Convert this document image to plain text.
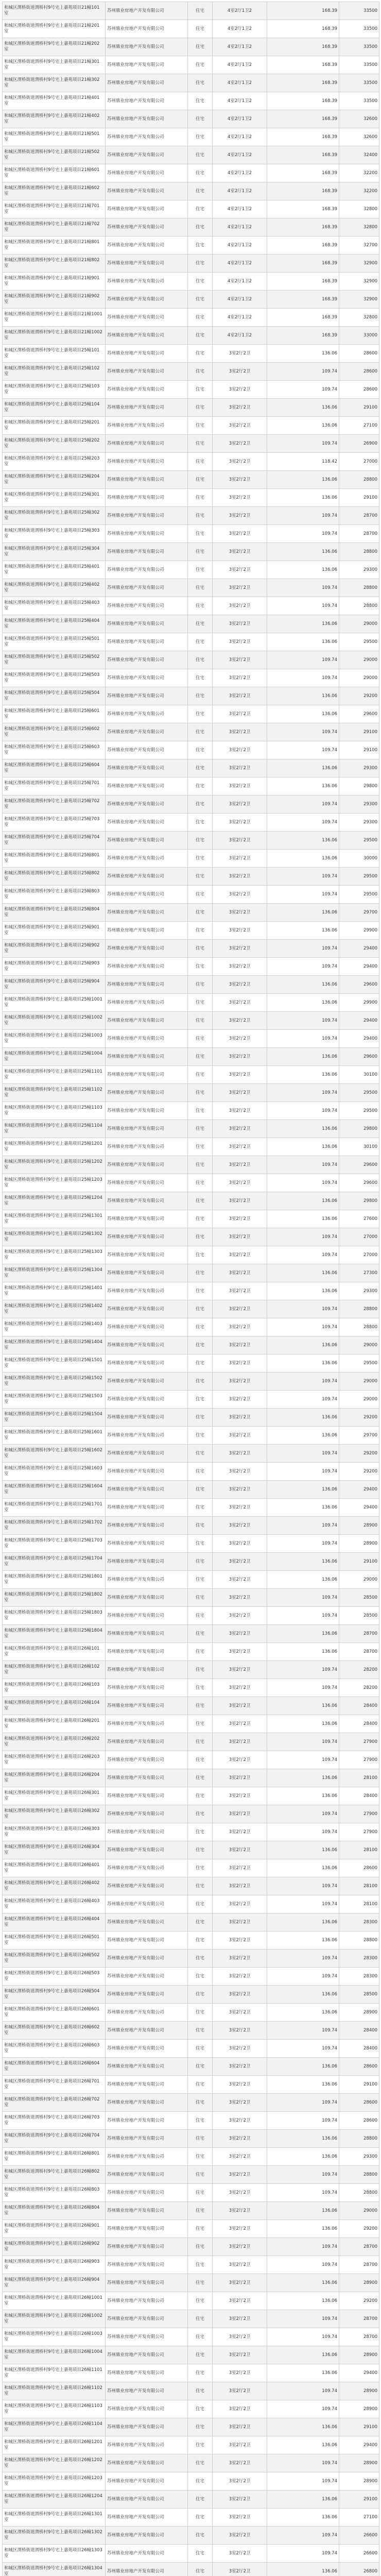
和城区渭桥街道渭桥村9号宅上嘉苑项目21幢101室	苏州鼎业房地产开发有限公司	住宅	4室2厅1卫2	168.39	33500
和城区渭桥街道渭桥村9号宅上嘉苑项目21幢201室	苏州鼎业房地产开发有限公司	住宅	4室2厅1卫2	168.39	33500
和城区渭桥街道渭桥村9号宅上嘉苑项目21幢202室	苏州鼎业房地产开发有限公司	住宅	4室2厅1卫2	168.39	33500
和城区渭桥街道渭桥村9号宅上嘉苑项目21幢301室	苏州鼎业房地产开发有限公司	住宅	4室2厅1卫2	168.39	33500
和城区渭桥街道渭桥村9号宅上嘉苑项目21幢302室	苏州鼎业房地产开发有限公司	住宅	4室2厅1卫2	168.39	33500
和城区渭桥街道渭桥村9号宅上嘉苑项目21幢401室	苏州鼎业房地产开发有限公司	住宅	4室2厅1卫2	168.39	33500
和城区渭桥街道渭桥村9号宅上嘉苑项目21幢402室	苏州鼎业房地产开发有限公司	住宅	4室2厅1卫2	168.39	32600
和城区渭桥街道渭桥村9号宅上嘉苑项目21幢501室	苏州鼎业房地产开发有限公司	住宅	4室2厅1卫2	168.39	32600
和城区渭桥街道渭桥村9号宅上嘉苑项目21幢502室	苏州鼎业房地产开发有限公司	住宅	4室2厅1卫2	168.39	32400
和城区渭桥街道渭桥村9号宅上嘉苑项目21幢601室	苏州鼎业房地产开发有限公司	住宅	4室2厅1卫2	168.39	32200
和城区渭桥街道渭桥村9号宅上嘉苑项目21幢602室	苏州鼎业房地产开发有限公司	住宅	4室2厅1卫2	168.39	32200
和城区渭桥街道渭桥村9号宅上嘉苑项目21幢701室	苏州鼎业房地产开发有限公司	住宅	4室2厅1卫2	168.39	32800
和城区渭桥街道渭桥村9号宅上嘉苑项目21幢702室	苏州鼎业房地产开发有限公司	住宅	4室2厅1卫2	168.39	32800
和城区渭桥街道渭桥村9号宅上嘉苑项目21幢801室	苏州鼎业房地产开发有限公司	住宅	4室2厅1卫2	168.39	32700
和城区渭桥街道渭桥村9号宅上嘉苑项目21幢802室	苏州鼎业房地产开发有限公司	住宅	4室2厅1卫2	168.39	32900
和城区渭桥街道渭桥村9号宅上嘉苑项目21幢901室	苏州鼎业房地产开发有限公司	住宅	4室2厅1卫2	168.39	32900
和城区渭桥街道渭桥村9号宅上嘉苑项目21幢902室	苏州鼎业房地产开发有限公司	住宅	4室2厅1卫2	168.39	32900
和城区渭桥街道渭桥村9号宅上嘉苑项目21幢1001室	苏州鼎业房地产开发有限公司	住宅	4室2厅1卫2	168.39	32800
和城区渭桥街道渭桥村9号宅上嘉苑项目21幢1002室	苏州鼎业房地产开发有限公司	住宅	4室2厅1卫2	168.39	33000
和城区渭桥街道渭桥村9号宅上嘉苑项目25幢101室	苏州鼎业房地产开发有限公司	住宅	3室2厅2卫	136.06	28600
和城区渭桥街道渭桥村9号宅上嘉苑项目25幢102室	苏州鼎业房地产开发有限公司	住宅	3室2厅2卫	109.74	28600
和城区渭桥街道渭桥村9号宅上嘉苑项目25幢103室	苏州鼎业房地产开发有限公司	住宅	3室2厅2卫	109.74	28600
和城区渭桥街道渭桥村9号宅上嘉苑项目25幢104室	苏州鼎业房地产开发有限公司	住宅	3室2厅2卫	136.06	29100
和城区渭桥街道渭桥村9号宅上嘉苑项目25幢201室	苏州鼎业房地产开发有限公司	住宅	3室2厅2卫	136.06	27100
和城区渭桥街道渭桥村9号宅上嘉苑项目25幢202室	苏州鼎业房地产开发有限公司	住宅	3室2厅2卫	109.74	26900
和城区渭桥街道渭桥村9号宅上嘉苑项目25幢203室	苏州鼎业房地产开发有限公司	住宅	3室2厅2卫	118.42	27000
和城区渭桥街道渭桥村9号宅上嘉苑项目25幢204室	苏州鼎业房地产开发有限公司	住宅	3室2厅2卫	136.06	28800
和城区渭桥街道渭桥村9号宅上嘉苑项目25幢301室	苏州鼎业房地产开发有限公司	住宅	3室2厅2卫	136.06	29100
和城区渭桥街道渭桥村9号宅上嘉苑项目25幢302室	苏州鼎业房地产开发有限公司	住宅	3室2厅2卫	109.74	28700
和城区渭桥街道渭桥村9号宅上嘉苑项目25幢303室	苏州鼎业房地产开发有限公司	住宅	3室2厅2卫	109.74	28700
和城区渭桥街道渭桥村9号宅上嘉苑项目25幢304室	苏州鼎业房地产开发有限公司	住宅	3室2厅2卫	136.06	28800
和城区渭桥街道渭桥村9号宅上嘉苑项目25幢401室	苏州鼎业房地产开发有限公司	住宅	3室2厅2卫	136.06	29300
和城区渭桥街道渭桥村9号宅上嘉苑项目25幢402室	苏州鼎业房地产开发有限公司	住宅	3室2厅2卫	109.74	28800
和城区渭桥街道渭桥村9号宅上嘉苑项目25幢403室	苏州鼎业房地产开发有限公司	住宅	3室2厅2卫	109.74	28800
和城区渭桥街道渭桥村9号宅上嘉苑项目25幢404室	苏州鼎业房地产开发有限公司	住宅	3室2厅2卫	136.06	29000
和城区渭桥街道渭桥村9号宅上嘉苑项目25幢501室	苏州鼎业房地产开发有限公司	住宅	3室2厅2卫	136.06	29500
和城区渭桥街道渭桥村9号宅上嘉苑项目25幢502室	苏州鼎业房地产开发有限公司	住宅	3室2厅2卫	109.74	29000
和城区渭桥街道渭桥村9号宅上嘉苑项目25幢503室	苏州鼎业房地产开发有限公司	住宅	3室2厅2卫	109.74	29000
和城区渭桥街道渭桥村9号宅上嘉苑项目25幢504室	苏州鼎业房地产开发有限公司	住宅	3室2厅2卫	136.06	29200
和城区渭桥街道渭桥村9号宅上嘉苑项目25幢601室	苏州鼎业房地产开发有限公司	住宅	3室2厅2卫	136.06	29600
和城区渭桥街道渭桥村9号宅上嘉苑项目25幢602室	苏州鼎业房地产开发有限公司	住宅	3室2厅2卫	109.74	29100
和城区渭桥街道渭桥村9号宅上嘉苑项目25幢603室	苏州鼎业房地产开发有限公司	住宅	3室2厅2卫	109.74	29100
和城区渭桥街道渭桥村9号宅上嘉苑项目25幢604室	苏州鼎业房地产开发有限公司	住宅	3室2厅2卫	136.06	29300
和城区渭桥街道渭桥村9号宅上嘉苑项目25幢701室	苏州鼎业房地产开发有限公司	住宅	3室2厅2卫	136.06	29800
和城区渭桥街道渭桥村9号宅上嘉苑项目25幢702室	苏州鼎业房地产开发有限公司	住宅	3室2厅2卫	109.74	29300
和城区渭桥街道渭桥村9号宅上嘉苑项目25幢703室	苏州鼎业房地产开发有限公司	住宅	3室2厅2卫	109.74	29300
和城区渭桥街道渭桥村9号宅上嘉苑项目25幢704室	苏州鼎业房地产开发有限公司	住宅	3室2厅2卫	136.06	29500
和城区渭桥街道渭桥村9号宅上嘉苑项目25幢801室	苏州鼎业房地产开发有限公司	住宅	3室2厅2卫	136.06	30000
和城区渭桥街道渭桥村9号宅上嘉苑项目25幢802室	苏州鼎业房地产开发有限公司	住宅	3室2厅2卫	109.74	29500
和城区渭桥街道渭桥村9号宅上嘉苑项目25幢803室	苏州鼎业房地产开发有限公司	住宅	3室2厅2卫	109.74	29500
和城区渭桥街道渭桥村9号宅上嘉苑项目25幢804室	苏州鼎业房地产开发有限公司	住宅	3室2厅2卫	136.06	29700
和城区渭桥街道渭桥村9号宅上嘉苑项目25幢901室	苏州鼎业房地产开发有限公司	住宅	3室2厅2卫	136.06	29900
和城区渭桥街道渭桥村9号宅上嘉苑项目25幢902室	苏州鼎业房地产开发有限公司	住宅	3室2厅2卫	109.74	29400
和城区渭桥街道渭桥村9号宅上嘉苑项目25幢903室	苏州鼎业房地产开发有限公司	住宅	3室2厅2卫	109.74	29400
和城区渭桥街道渭桥村9号宅上嘉苑项目25幢904室	苏州鼎业房地产开发有限公司	住宅	3室2厅2卫	136.06	29600
和城区渭桥街道渭桥村9号宅上嘉苑项目25幢1001室	苏州鼎业房地产开发有限公司	住宅	3室2厅2卫	136.06	29900
和城区渭桥街道渭桥村9号宅上嘉苑项目25幢1002室	苏州鼎业房地产开发有限公司	住宅	3室2厅2卫	109.74	29400
和城区渭桥街道渭桥村9号宅上嘉苑项目25幢1003室	苏州鼎业房地产开发有限公司	住宅	3室2厅2卫	109.74	29400
和城区渭桥街道渭桥村9号宅上嘉苑项目25幢1004室	苏州鼎业房地产开发有限公司	住宅	3室2厅2卫	136.06	29600
和城区渭桥街道渭桥村9号宅上嘉苑项目25幢1101室	苏州鼎业房地产开发有限公司	住宅	3室2厅2卫	136.06	30100
和城区渭桥街道渭桥村9号宅上嘉苑项目25幢1102室	苏州鼎业房地产开发有限公司	住宅	3室2厅2卫	109.74	29500
和城区渭桥街道渭桥村9号宅上嘉苑项目25幢1103室	苏州鼎业房地产开发有限公司	住宅	3室2厅2卫	109.74	29500
和城区渭桥街道渭桥村9号宅上嘉苑项目25幢1104室	苏州鼎业房地产开发有限公司	住宅	3室2厅2卫	136.06	29800
和城区渭桥街道渭桥村9号宅上嘉苑项目25幢1201室	苏州鼎业房地产开发有限公司	住宅	3室2厅2卫	136.06	30100
和城区渭桥街道渭桥村9号宅上嘉苑项目25幢1202室	苏州鼎业房地产开发有限公司	住宅	3室2厅2卫	109.74	29600
和城区渭桥街道渭桥村9号宅上嘉苑项目25幢1203室	苏州鼎业房地产开发有限公司	住宅	3室2厅2卫	109.74	29600
和城区渭桥街道渭桥村9号宅上嘉苑项目25幢1204室	苏州鼎业房地产开发有限公司	住宅	3室2厅2卫	136.06	29800
和城区渭桥街道渭桥村9号宅上嘉苑项目25幢1301室	苏州鼎业房地产开发有限公司	住宅	3室2厅2卫	136.06	27600
和城区渭桥街道渭桥村9号宅上嘉苑项目25幢1302室	苏州鼎业房地产开发有限公司	住宅	3室2厅2卫	109.74	27000
和城区渭桥街道渭桥村9号宅上嘉苑项目25幢1303室	苏州鼎业房地产开发有限公司	住宅	3室2厅2卫	109.74	27000
和城区渭桥街道渭桥村9号宅上嘉苑项目25幢1304室	苏州鼎业房地产开发有限公司	住宅	3室2厅2卫	136.06	27300
和城区渭桥街道渭桥村9号宅上嘉苑项目25幢1401室	苏州鼎业房地产开发有限公司	住宅	3室2厅2卫	136.06	29300
和城区渭桥街道渭桥村9号宅上嘉苑项目25幢1402室	苏州鼎业房地产开发有限公司	住宅	3室2厅2卫	109.74	28800
和城区渭桥街道渭桥村9号宅上嘉苑项目25幢1403室	苏州鼎业房地产开发有限公司	住宅	3室2厅2卫	109.74	28800
和城区渭桥街道渭桥村9号宅上嘉苑项目25幢1404室	苏州鼎业房地产开发有限公司	住宅	3室2厅2卫	136.06	29000
和城区渭桥街道渭桥村9号宅上嘉苑项目25幢1501室	苏州鼎业房地产开发有限公司	住宅	3室2厅2卫	136.06	29500
和城区渭桥街道渭桥村9号宅上嘉苑项目25幢1502室	苏州鼎业房地产开发有限公司	住宅	3室2厅2卫	109.74	29000
和城区渭桥街道渭桥村9号宅上嘉苑项目25幢1503室	苏州鼎业房地产开发有限公司	住宅	3室2厅2卫	109.74	29000
和城区渭桥街道渭桥村9号宅上嘉苑项目25幢1504室	苏州鼎业房地产开发有限公司	住宅	3室2厅2卫	136.06	29200
和城区渭桥街道渭桥村9号宅上嘉苑项目25幢1601室	苏州鼎业房地产开发有限公司	住宅	3室2厅2卫	136.06	29700
和城区渭桥街道渭桥村9号宅上嘉苑项目25幢1602室	苏州鼎业房地产开发有限公司	住宅	3室2厅2卫	109.74	29200
和城区渭桥街道渭桥村9号宅上嘉苑项目25幢1603室	苏州鼎业房地产开发有限公司	住宅	3室2厅2卫	109.74	29200
和城区渭桥街道渭桥村9号宅上嘉苑项目25幢1604室	苏州鼎业房地产开发有限公司	住宅	3室2厅2卫	136.06	29400
和城区渭桥街道渭桥村9号宅上嘉苑项目25幢1701室	苏州鼎业房地产开发有限公司	住宅	3室2厅2卫	136.06	29400
和城区渭桥街道渭桥村9号宅上嘉苑项目25幢1702室	苏州鼎业房地产开发有限公司	住宅	3室2厅2卫	109.74	28900
和城区渭桥街道渭桥村9号宅上嘉苑项目25幢1703室	苏州鼎业房地产开发有限公司	住宅	3室2厅2卫	109.74	28900
和城区渭桥街道渭桥村9号宅上嘉苑项目25幢1704室	苏州鼎业房地产开发有限公司	住宅	3室2厅2卫	136.06	29100
和城区渭桥街道渭桥村9号宅上嘉苑项目25幢1801室	苏州鼎业房地产开发有限公司	住宅	3室2厅2卫	136.06	29000
和城区渭桥街道渭桥村9号宅上嘉苑项目25幢1802室	苏州鼎业房地产开发有限公司	住宅	3室2厅2卫	109.74	28500
和城区渭桥街道渭桥村9号宅上嘉苑项目25幢1803室	苏州鼎业房地产开发有限公司	住宅	3室2厅2卫	109.74	28500
和城区渭桥街道渭桥村9号宅上嘉苑项目25幢1804室	苏州鼎业房地产开发有限公司	住宅	3室2厅2卫	136.06	28700
和城区渭桥街道渭桥村9号宅上嘉苑项目26幢101室	苏州鼎业房地产开发有限公司	住宅	3室2厅2卫	136.06	28700
和城区渭桥街道渭桥村9号宅上嘉苑项目26幢102室	苏州鼎业房地产开发有限公司	住宅	3室2厅2卫	109.74	28200
和城区渭桥街道渭桥村9号宅上嘉苑项目26幢103室	苏州鼎业房地产开发有限公司	住宅	3室2厅2卫	109.74	28200
和城区渭桥街道渭桥村9号宅上嘉苑项目26幢104室	苏州鼎业房地产开发有限公司	住宅	3室2厅2卫	136.06	28400
和城区渭桥街道渭桥村9号宅上嘉苑项目26幢201室	苏州鼎业房地产开发有限公司	住宅	3室2厅2卫	136.06	28400
和城区渭桥街道渭桥村9号宅上嘉苑项目26幢202室	苏州鼎业房地产开发有限公司	住宅	3室2厅2卫	109.74	27900
和城区渭桥街道渭桥村9号宅上嘉苑项目26幢203室	苏州鼎业房地产开发有限公司	住宅	3室2厅2卫	109.74	27900
和城区渭桥街道渭桥村9号宅上嘉苑项目26幢204室	苏州鼎业房地产开发有限公司	住宅	3室2厅2卫	136.06	28100
和城区渭桥街道渭桥村9号宅上嘉苑项目26幢301室	苏州鼎业房地产开发有限公司	住宅	3室2厅2卫	136.06	28400
和城区渭桥街道渭桥村9号宅上嘉苑项目26幢302室	苏州鼎业房地产开发有限公司	住宅	3室2厅2卫	109.74	27900
和城区渭桥街道渭桥村9号宅上嘉苑项目26幢303室	苏州鼎业房地产开发有限公司	住宅	3室2厅2卫	109.74	27900
和城区渭桥街道渭桥村9号宅上嘉苑项目26幢304室	苏州鼎业房地产开发有限公司	住宅	3室2厅2卫	136.06	28100
和城区渭桥街道渭桥村9号宅上嘉苑项目26幢401室	苏州鼎业房地产开发有限公司	住宅	3室2厅2卫	136.06	28600
和城区渭桥街道渭桥村9号宅上嘉苑项目26幢402室	苏州鼎业房地产开发有限公司	住宅	3室2厅2卫	109.74	28100
和城区渭桥街道渭桥村9号宅上嘉苑项目26幢403室	苏州鼎业房地产开发有限公司	住宅	3室2厅2卫	109.74	28100
和城区渭桥街道渭桥村9号宅上嘉苑项目26幢404室	苏州鼎业房地产开发有限公司	住宅	3室2厅2卫	136.06	28300
和城区渭桥街道渭桥村9号宅上嘉苑项目26幢501室	苏州鼎业房地产开发有限公司	住宅	3室2厅2卫	136.06	28800
和城区渭桥街道渭桥村9号宅上嘉苑项目26幢502室	苏州鼎业房地产开发有限公司	住宅	3室2厅2卫	109.74	28300
和城区渭桥街道渭桥村9号宅上嘉苑项目26幢503室	苏州鼎业房地产开发有限公司	住宅	3室2厅2卫	109.74	28300
和城区渭桥街道渭桥村9号宅上嘉苑项目26幢504室	苏州鼎业房地产开发有限公司	住宅	3室2厅2卫	136.06	28500
和城区渭桥街道渭桥村9号宅上嘉苑项目26幢601室	苏州鼎业房地产开发有限公司	住宅	3室2厅2卫	136.06	28900
和城区渭桥街道渭桥村9号宅上嘉苑项目26幢602室	苏州鼎业房地产开发有限公司	住宅	3室2厅2卫	109.74	28400
和城区渭桥街道渭桥村9号宅上嘉苑项目26幢603室	苏州鼎业房地产开发有限公司	住宅	3室2厅2卫	109.74	28400
和城区渭桥街道渭桥村9号宅上嘉苑项目26幢604室	苏州鼎业房地产开发有限公司	住宅	3室2厅2卫	136.06	28600
和城区渭桥街道渭桥村9号宅上嘉苑项目26幢701室	苏州鼎业房地产开发有限公司	住宅	3室2厅2卫	136.06	29100
和城区渭桥街道渭桥村9号宅上嘉苑项目26幢702室	苏州鼎业房地产开发有限公司	住宅	3室2厅2卫	109.74	28600
和城区渭桥街道渭桥村9号宅上嘉苑项目26幢703室	苏州鼎业房地产开发有限公司	住宅	3室2厅2卫	109.74	28600
和城区渭桥街道渭桥村9号宅上嘉苑项目26幢704室	苏州鼎业房地产开发有限公司	住宅	3室2厅2卫	136.06	28800
和城区渭桥街道渭桥村9号宅上嘉苑项目26幢801室	苏州鼎业房地产开发有限公司	住宅	3室2厅2卫	136.06	29300
和城区渭桥街道渭桥村9号宅上嘉苑项目26幢802室	苏州鼎业房地产开发有限公司	住宅	3室2厅2卫	109.74	28800
和城区渭桥街道渭桥村9号宅上嘉苑项目26幢803室	苏州鼎业房地产开发有限公司	住宅	3室2厅2卫	109.74	28800
和城区渭桥街道渭桥村9号宅上嘉苑项目26幢804室	苏州鼎业房地产开发有限公司	住宅	3室2厅2卫	136.06	29000
和城区渭桥街道渭桥村9号宅上嘉苑项目26幢901室	苏州鼎业房地产开发有限公司	住宅	3室2厅2卫	136.06	29200
和城区渭桥街道渭桥村9号宅上嘉苑项目26幢902室	苏州鼎业房地产开发有限公司	住宅	3室2厅2卫	109.74	28700
和城区渭桥街道渭桥村9号宅上嘉苑项目26幢903室	苏州鼎业房地产开发有限公司	住宅	3室2厅2卫	109.74	28700
和城区渭桥街道渭桥村9号宅上嘉苑项目26幢904室	苏州鼎业房地产开发有限公司	住宅	3室2厅2卫	136.06	28900
和城区渭桥街道渭桥村9号宅上嘉苑项目26幢1001室	苏州鼎业房地产开发有限公司	住宅	3室2厅2卫	136.06	29200
和城区渭桥街道渭桥村9号宅上嘉苑项目26幢1002室	苏州鼎业房地产开发有限公司	住宅	3室2厅2卫	109.74	28700
和城区渭桥街道渭桥村9号宅上嘉苑项目26幢1003室	苏州鼎业房地产开发有限公司	住宅	3室2厅2卫	109.74	28700
和城区渭桥街道渭桥村9号宅上嘉苑项目26幢1004室	苏州鼎业房地产开发有限公司	住宅	3室2厅2卫	136.06	28900
和城区渭桥街道渭桥村9号宅上嘉苑项目26幢1101室	苏州鼎业房地产开发有限公司	住宅	3室2厅2卫	136.06	29400
和城区渭桥街道渭桥村9号宅上嘉苑项目26幢1102室	苏州鼎业房地产开发有限公司	住宅	3室2厅2卫	109.74	28900
和城区渭桥街道渭桥村9号宅上嘉苑项目26幢1103室	苏州鼎业房地产开发有限公司	住宅	3室2厅2卫	109.74	28900
和城区渭桥街道渭桥村9号宅上嘉苑项目26幢1104室	苏州鼎业房地产开发有限公司	住宅	3室2厅2卫	136.06	29100
和城区渭桥街道渭桥村9号宅上嘉苑项目26幢1201室	苏州鼎业房地产开发有限公司	住宅	3室2厅2卫	136.06	29400
和城区渭桥街道渭桥村9号宅上嘉苑项目26幢1202室	苏州鼎业房地产开发有限公司	住宅	3室2厅2卫	109.74	28900
和城区渭桥街道渭桥村9号宅上嘉苑项目26幢1203室	苏州鼎业房地产开发有限公司	住宅	3室2厅2卫	109.74	28900
和城区渭桥街道渭桥村9号宅上嘉苑项目26幢1204室	苏州鼎业房地产开发有限公司	住宅	3室2厅2卫	136.06	29100
和城区渭桥街道渭桥村9号宅上嘉苑项目26幢1301室	苏州鼎业房地产开发有限公司	住宅	3室2厅2卫	136.06	27100
和城区渭桥街道渭桥村9号宅上嘉苑项目26幢1302室	苏州鼎业房地产开发有限公司	住宅	3室2厅2卫	109.74	26600
和城区渭桥街道渭桥村9号宅上嘉苑项目26幢1303室	苏州鼎业房地产开发有限公司	住宅	3室2厅2卫	109.74	26600
和城区渭桥街道渭桥村9号宅上嘉苑项目26幢1304室	苏州鼎业房地产开发有限公司	住宅	3室2厅2卫	136.06	26800
